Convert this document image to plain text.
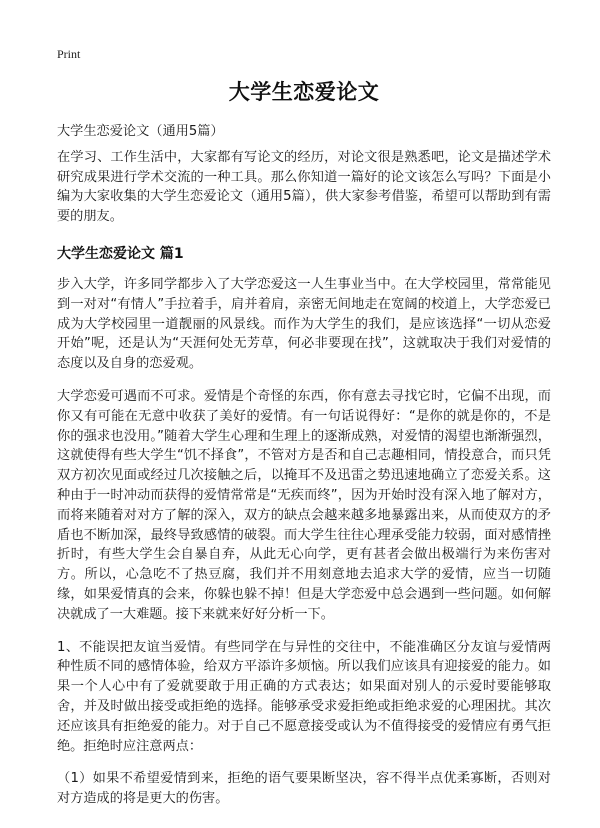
Print
大学生恋爱论文

大学生恋爱论文（通用5篇）

在学习、工作生活中，大家都有写论文的经历，对论文很是熟悉吧，论文是描述学术研究成果进行学术交流的一种工具。那么你知道一篇好的论文该怎么写吗？下面是小编为大家收集的大学生恋爱论文（通用5篇），供大家参考借鉴，希望可以帮助到有需要的朋友。

大学生恋爱论文 篇1

步入大学，许多同学都步入了大学恋爱这一人生事业当中。在大学校园里，常常能见到一对对“有情人”手拉着手，肩并着肩，亲密无间地走在宽阔的校道上，大学恋爱已成为大学校园里一道靓丽的风景线。而作为大学生的我们，是应该选择“一切从恋爱开始”呢，还是认为“天涯何处无芳草，何必非要现在找”，这就取决于我们对爱情的态度以及自身的恋爱观。

大学恋爱可遇而不可求。爱情是个奇怪的东西，你有意去寻找它时，它偏不出现，而你又有可能在无意中收获了美好的爱情。有一句话说得好：“是你的就是你的，不是你的强求也没用。”随着大学生心理和生理上的逐渐成熟，对爱情的渴望也渐渐强烈，这就使得有些大学生“饥不择食”，不管对方是否和自己志趣相同，情投意合，而只凭双方初次见面或经过几次接触之后，以掩耳不及迅雷之势迅速地确立了恋爱关系。这种由于一时冲动而获得的爱情常常是“无疾而终”，因为开始时没有深入地了解对方，而将来随着对对方了解的深入，双方的缺点会越来越多地暴露出来，从而使双方的矛盾也不断加深，最终导致感情的破裂。而大学生往往心理承受能力较弱，面对感情挫折时，有些大学生会自暴自弃，从此无心向学，更有甚者会做出极端行为来伤害对方。所以，心急吃不了热豆腐，我们并不用刻意地去追求大学的爱情，应当一切随缘，如果爱情真的会来，你躲也躲不掉！但是大学恋爱中总会遇到一些问题。如何解决就成了一大难题。接下来就来好好分析一下。

1、不能误把友谊当爱情。有些同学在与异性的交往中，不能准确区分友谊与爱情两种性质不同的感情体验，给双方平添许多烦恼。所以我们应该具有迎接爱的能力。如果一个人心中有了爱就要敢于用正确的方式表达；如果面对别人的示爱时要能够取舍，并及时做出接受或拒绝的选择。能够承受求爱拒绝或拒绝求爱的心理困扰。其次还应该具有拒绝爱的能力。对于自己不愿意接受或认为不值得接受的爱情应有勇气拒绝。拒绝时应注意两点：

（1）如果不希望爱情到来，拒绝的语气要果断坚决，容不得半点优柔寡断，否则对对方造成的将是更大的伤害。
